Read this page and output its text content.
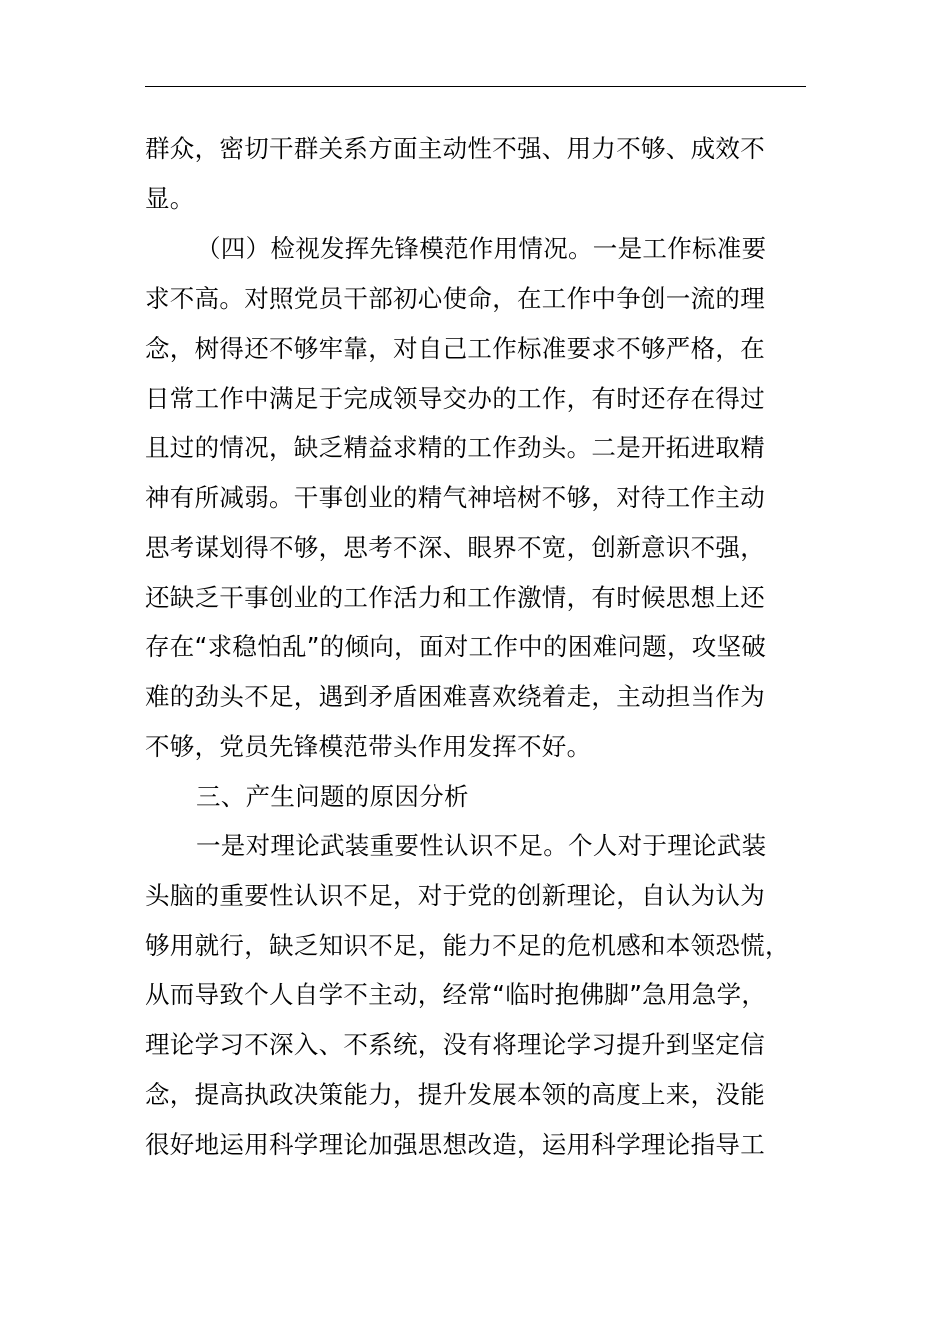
群众，密切干群关系方面主动性不强、用力不够、成效不
显。
（四）检视发挥先锋模范作用情况。一是工作标准要
求不高。对照党员干部初心使命，在工作中争创一流的理
念，树得还不够牢靠，对自己工作标准要求不够严格，在
日常工作中满足于完成领导交办的工作，有时还存在得过
且过的情况，缺乏精益求精的工作劲头。二是开拓进取精
神有所减弱。干事创业的精气神培树不够，对待工作主动
思考谋划得不够，思考不深、眼界不宽，创新意识不强，
还缺乏干事创业的工作活力和工作激情，有时候思想上还
存在“求稳怕乱”的倾向，面对工作中的困难问题，攻坚破
难的劲头不足，遇到矛盾困难喜欢绕着走，主动担当作为
不够，党员先锋模范带头作用发挥不好。
三、产生问题的原因分析
一是对理论武装重要性认识不足。个人对于理论武装
头脑的重要性认识不足，对于党的创新理论，自认为认为
够用就行，缺乏知识不足，能力不足的危机感和本领恐慌，
从而导致个人自学不主动，经常“临时抱佛脚”急用急学，
理论学习不深入、不系统，没有将理论学习提升到坚定信
念，提高执政决策能力，提升发展本领的高度上来，没能
很好地运用科学理论加强思想改造，运用科学理论指导工
